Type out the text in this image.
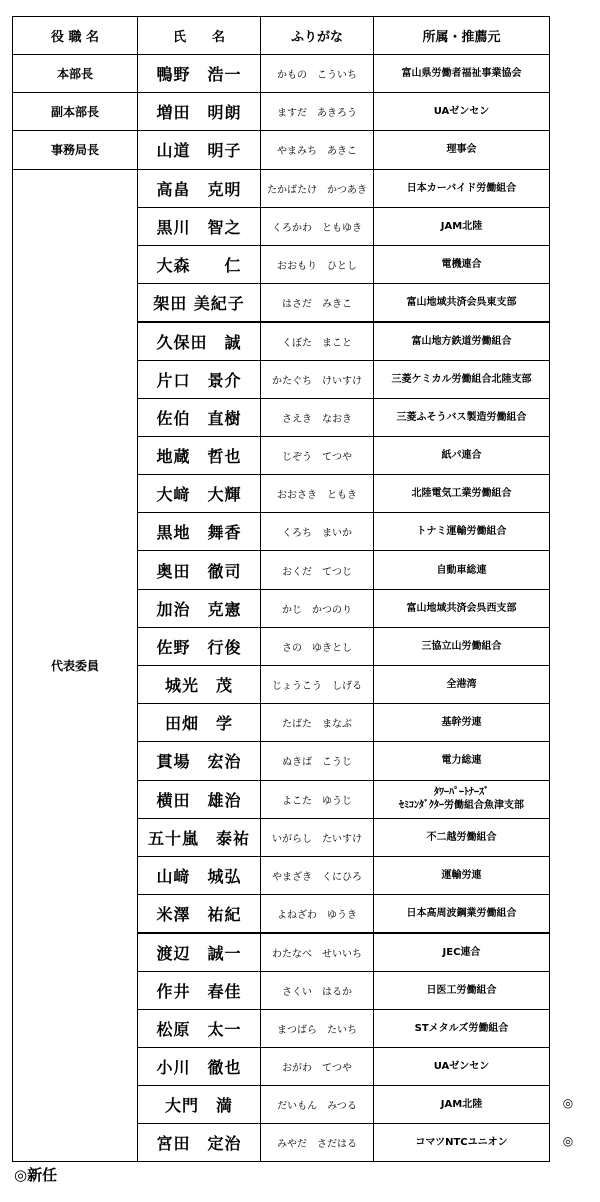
役 職 名	氏　　名	ふりがな	所属・推薦元
本部長	鴨野　浩一	かもの　こういち	富山県労働者福祉事業協会

副本部長	増田　明朗	ますだ　あきろう	UAゼンセン

事務局長	山道　明子	やまみち　あきこ	理事会

代表委員	高畠　克明	たかばたけ　かつあき	日本カーバイド労働組合

	黒川　智之	くろかわ　ともゆき	JAM北陸

	大森　　仁	おおもり　ひとし	電機連合

	架田 美紀子	はさだ　みきこ	富山地域共済会呉東支部

	久保田　誠	くぼた　まこと	富山地方鉄道労働組合

	片口　景介	かたぐち　けいすけ	三菱ケミカル労働組合北陸支部

	佐伯　直樹	さえき　なおき	三菱ふそうバス製造労働組合

	地蔵　哲也	じぞう　てつや	紙パ連合

	大﨑　大輝	おおさき　ともき	北陸電気工業労働組合

	黒地　舞香	くろち　まいか	トナミ運輸労働組合

	奥田　徹司	おくだ　てつじ	自動車総連

	加治　克憲	かじ　かつのり	富山地域共済会呉西支部

	佐野　行俊	さの　ゆきとし	三協立山労働組合

	城光　茂	じょうこう　しげる	全港湾

	田畑　学	たばた　まなぶ	基幹労連

	貫場　宏治	ぬきば　こうじ	電力総連

	横田　雄治	よこた　ゆうじ	ﾀﾜｰﾊﾟｰﾄﾅｰｽﾞ
ｾﾐｺﾝﾀﾞｸﾀｰ労働組合魚津支部

	五十嵐　泰祐	いがらし　たいすけ	不二越労働組合

	山﨑　城弘	やまざき　くにひろ	運輸労連

	米澤　祐紀	よねざわ　ゆうき	日本高周波鋼業労働組合

	渡辺　誠一	わたなべ　せいいち	JEC連合

	作井　春佳	さくい　はるか	日医工労働組合

	松原　太一	まつばら　たいち	STメタルズ労働組合

	小川　徹也	おがわ　てつや	UAゼンセン

	大門　満	だいもん　みつる	JAM北陸

	宮田　定治	みやだ　さだはる	コマツNTCユニオン
◎
◎
◎新任
